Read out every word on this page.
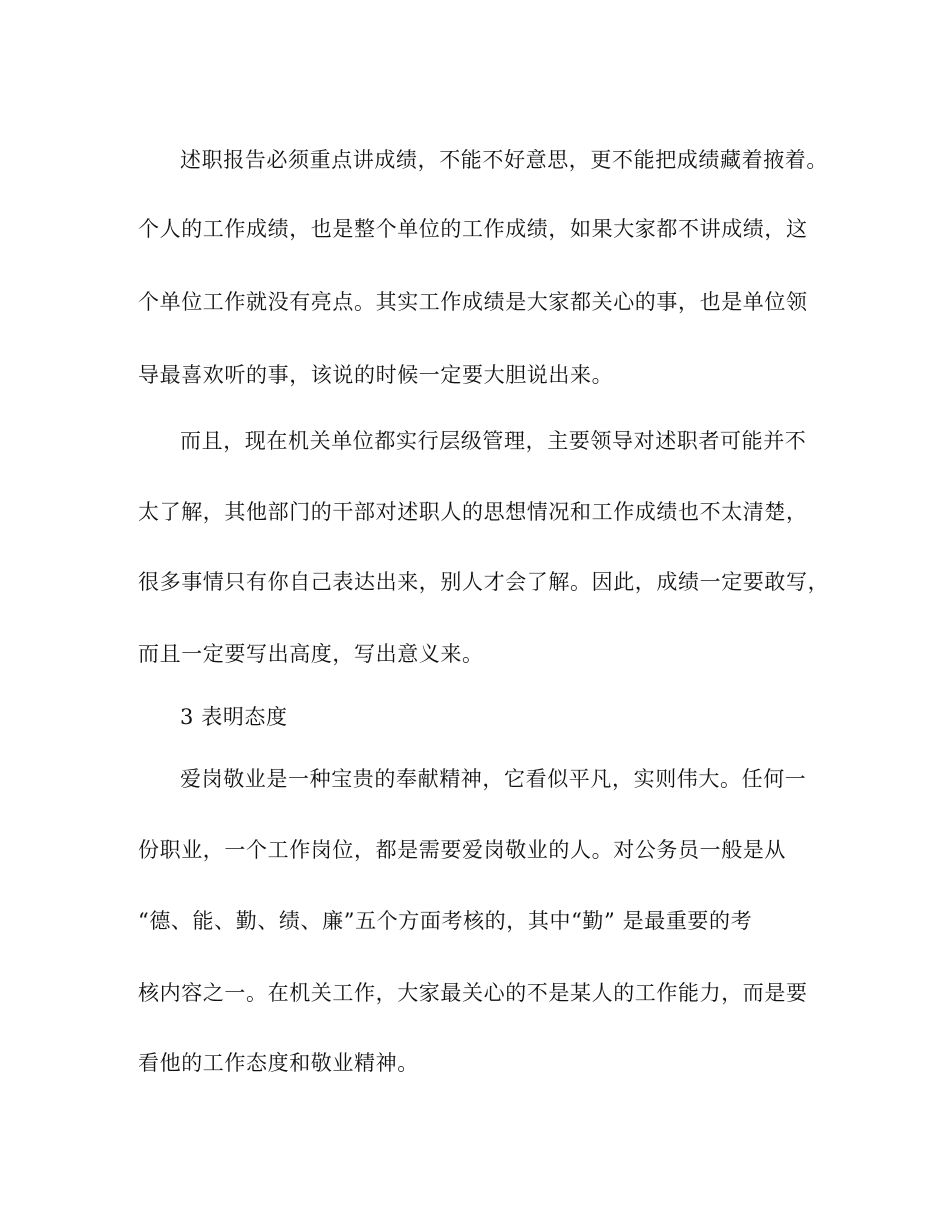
述职报告必须重点讲成绩，不能不好意思，更不能把成绩藏着掖着。
个人的工作成绩，也是整个单位的工作成绩，如果大家都不讲成绩，这
个单位工作就没有亮点。其实工作成绩是大家都关心的事，也是单位领
导最喜欢听的事，该说的时候一定要大胆说出来。
而且，现在机关单位都实行层级管理，主要领导对述职者可能并不
太了解，其他部门的干部对述职人的思想情况和工作成绩也不太清楚，
很多事情只有你自己表达出来，别人才会了解。因此，成绩一定要敢写，
而且一定要写出高度，写出意义来。
3 表明态度
爱岗敬业是一种宝贵的奉献精神，它看似平凡，实则伟大。任何一
份职业，一个工作岗位，都是需要爱岗敬业的人。对公务员一般是从
“德、能、勤、绩、廉”五个方面考核的，其中“勤” 是最重要的考
核内容之一。在机关工作，大家最关心的不是某人的工作能力，而是要
看他的工作态度和敬业精神。
